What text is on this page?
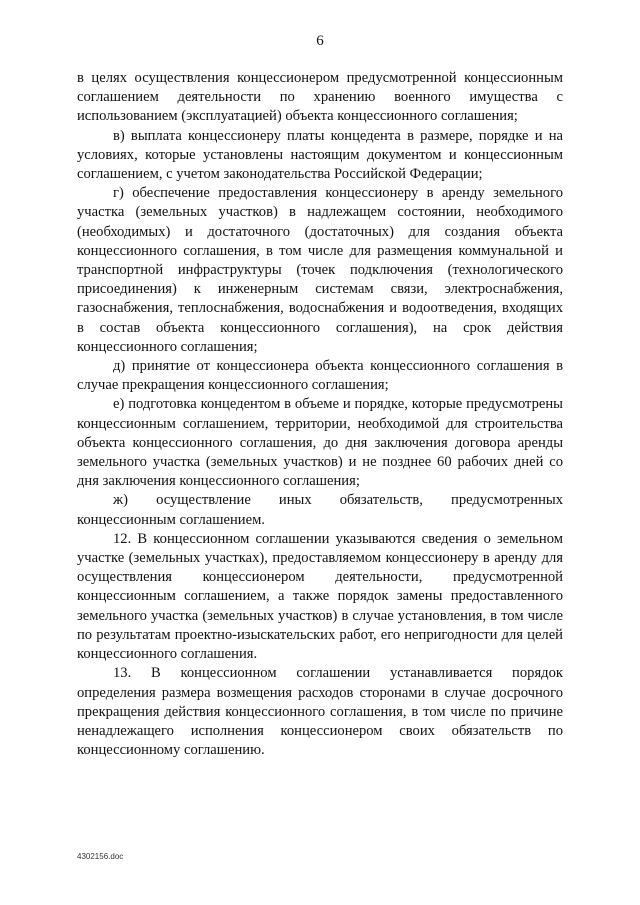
6

в целях осуществления концессионером предусмотренной концессионным соглашением деятельности по хранению военного имущества с использованием (эксплуатацией) объекта концессионного соглашения;

в) выплата концессионеру платы концедента в размере, порядке и на условиях, которые установлены настоящим документом и концессионным соглашением, с учетом законодательства Российской Федерации;

г) обеспечение предоставления концессионеру в аренду земельного участка (земельных участков) в надлежащем состоянии, необходимого (необходимых) и достаточного (достаточных) для создания объекта концессионного соглашения, в том числе для размещения коммунальной и транспортной инфраструктуры (точек подключения (технологического присоединения) к инженерным системам связи, электроснабжения, газоснабжения, теплоснабжения, водоснабжения и водоотведения, входящих в состав объекта концессионного соглашения), на срок действия концессионного соглашения;

д) принятие от концессионера объекта концессионного соглашения в случае прекращения концессионного соглашения;

е) подготовка концедентом в объеме и порядке, которые предусмотрены концессионным соглашением, территории, необходимой для строительства объекта концессионного соглашения, до дня заключения договора аренды земельного участка (земельных участков) и не позднее 60 рабочих дней со дня заключения концессионного соглашения;

ж) осуществление иных обязательств, предусмотренных концессионным соглашением.

12. В концессионном соглашении указываются сведения о земельном участке (земельных участках), предоставляемом концессионеру в аренду для осуществления концессионером деятельности, предусмотренной концессионным соглашением, а также порядок замены предоставленного земельного участка (земельных участков) в случае установления, в том числе по результатам проектно-изыскательских работ, его непригодности для целей концессионного соглашения.

13. В концессионном соглашении устанавливается порядок определения размера возмещения расходов сторонами в случае досрочного прекращения действия концессионного соглашения, в том числе по причине ненадлежащего исполнения концессионером своих обязательств по концессионному соглашению.

4302156.doc
